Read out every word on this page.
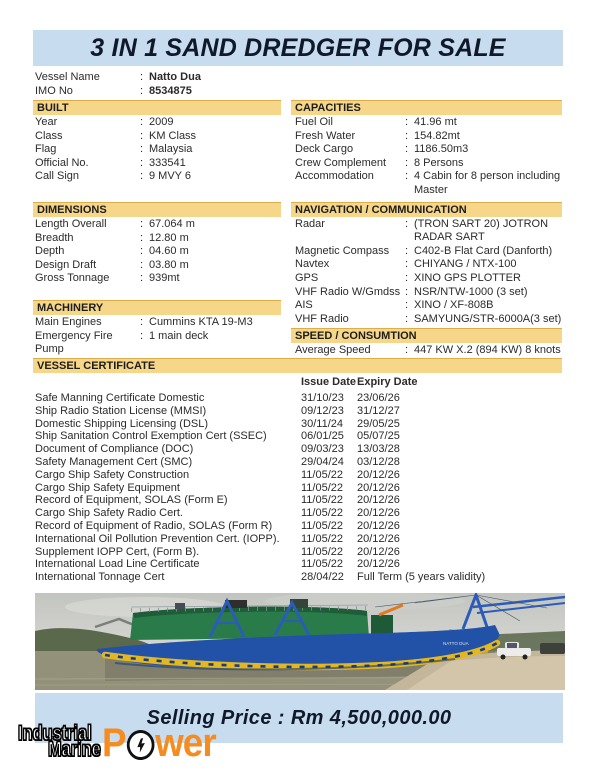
3 IN 1 SAND DREDGER FOR SALE
Vessel Name	: Natto Dua
IMO No	: 8534875
BUILT
Year	: 2009
Class	: KM Class
Flag	: Malaysia
Official No.	: 333541
Call Sign	: 9 MVY 6
DIMENSIONS
Length Overall	: 67.064 m
Breadth	: 12.80 m
Depth	: 04.60 m
Design Draft	: 03.80 m
Gross Tonnage	: 939mt
MACHINERY
Main Engines	: Cummins KTA 19-M3
Emergency Fire Pump
: 1 main deck
CAPACITIES
Fuel Oil	: 41.96 mt
Fresh Water	: 154.82mt
Deck Cargo	: 1186.50m3
Crew Complement	: 8 Persons
Accommodation	: 4 Cabin for 8 person including Master
NAVIGATION / COMMUNICATION
Radar	: (TRON SART 20) JOTRON RADAR SART
Magnetic Compass	: C402-B Flat Card (Danforth)
Navtex	: CHIYANG / NTX-100
GPS	: XINO GPS PLOTTER
VHF Radio W/Gmdss : NSR/NTW-1000 (3 set)
AIS	: XINO / XF-808B
VHF Radio	: SAMYUNG/STR-6000A(3 set)
SPEED / CONSUMTION
Average Speed	: 447 KW X.2 (894 KW) 8 knots
VESSEL CERTIFICATE
Issue Date Expiry Date
Safe Manning Certificate Domestic	31/10/23	23/06/26
Ship Radio Station License (MMSI)	09/12/23	31/12/27
Domestic Shipping Licensing (DSL)	30/11/24	29/05/25
Ship Sanitation Control Exemption Cert (SSEC)	06/01/25	05/07/25
Document of Compliance (DOC)	09/03/23	13/03/28
Safety Management Cert (SMC)	29/04/24	03/12/28
Cargo Ship Safety Construction	11/05/22	20/12/26
Cargo Ship Safety Equipment	11/05/22	20/12/26
Record of Equipment, SOLAS (Form E)	11/05/22	20/12/26
Cargo Ship Safety Radio Cert.	11/05/22	20/12/26
Record of Equipment of Radio, SOLAS (Form R)	11/05/22	20/12/26
International Oil Pollution Prevention Cert. (IOPP).	11/05/22	20/12/26
Supplement IOPP Cert, (Form B).	11/05/22	20/12/26
International Load Line Certificate	11/05/22	20/12/26
International Tonnage Cert	28/04/22	Full Term (5 years validity)
NATTO DUA
Selling Price : Rm 4,500,000.00
Industrial
Marine P wer
